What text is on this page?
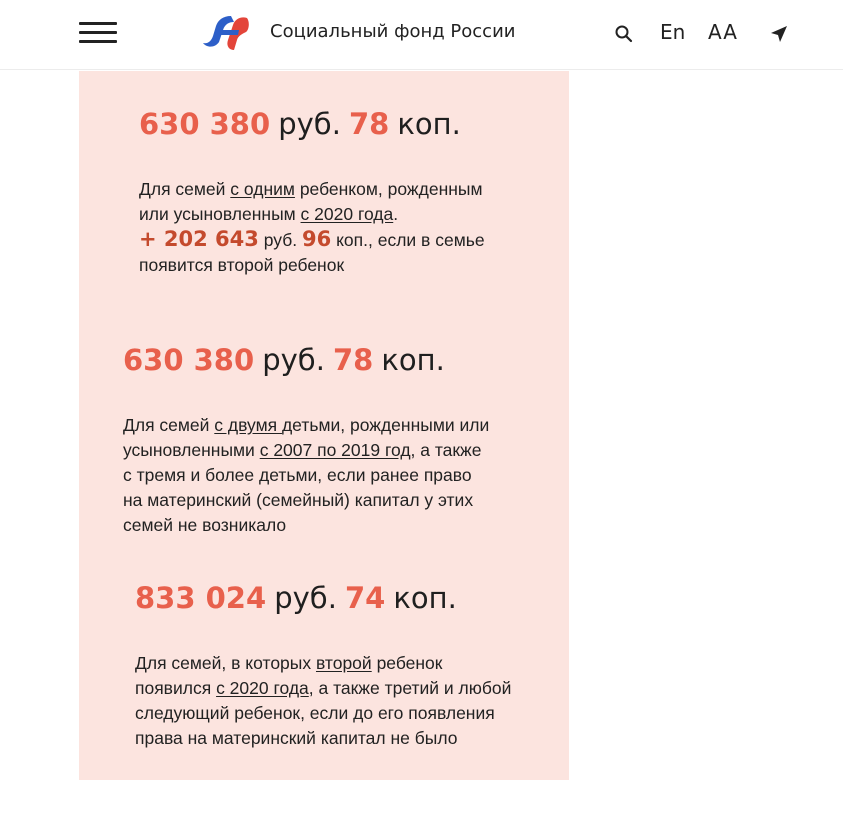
Социальный фонд России	En AA
630 380 руб. 78 коп.
Для семей с одним ребенком, рожденным
или усыновленным с 2020 года.
+ 202 643 руб. 96 коп., если в семье
появится второй ребенок
630 380 руб. 78 коп.
Для семей с двумя детьми, рожденными или
усыновленными с 2007 по 2019 год, а также
с тремя и более детьми, если ранее право
на материнский (семейный) капитал у этих
семей не возникало
833 024 руб. 74 коп.
Для семей, в которых второй ребенок
появился с 2020 года, а также третий и любой
следующий ребенок, если до его появления
права на материнский капитал не было
